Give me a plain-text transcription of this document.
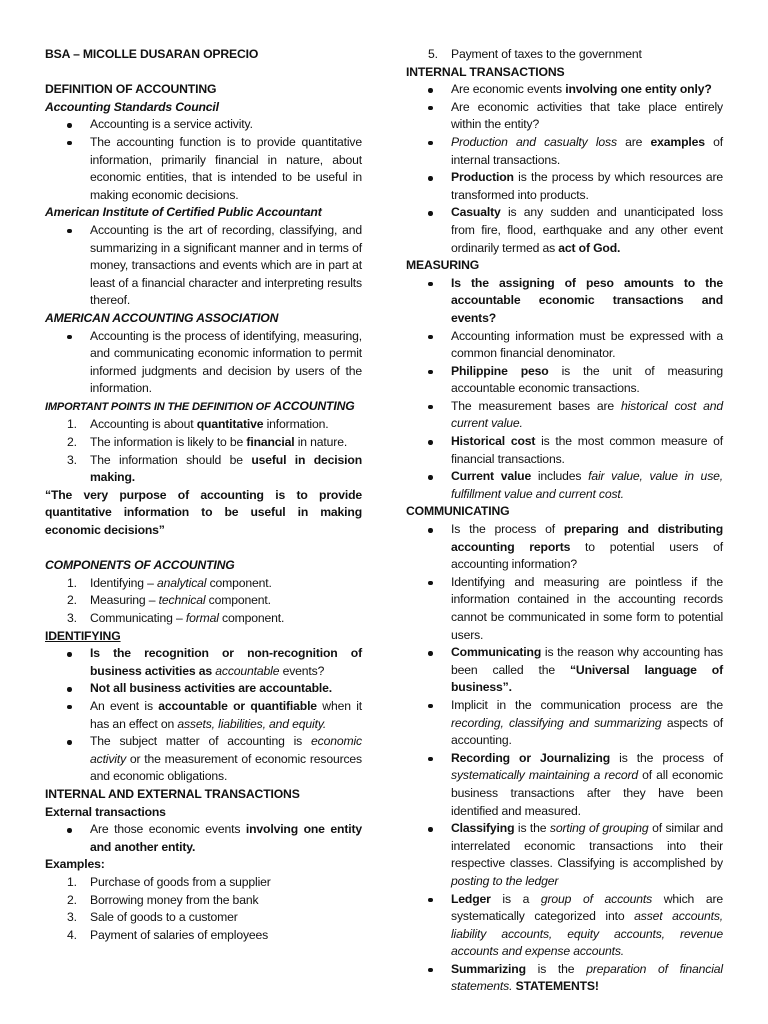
BSA – MICOLLE DUSARAN OPRECIO

DEFINITION OF ACCOUNTING

Accounting Standards Council

Accounting is a service activity.
The accounting function is to provide quantitative information, primarily financial in nature, about economic entities, that is intended to be useful in making economic decisions.

American Institute of Certified Public Accountant

Accounting is the art of recording, classifying, and summarizing in a significant manner and in terms of money, transactions and events which are in part at least of a financial character and interpreting results thereof.

AMERICAN ACCOUNTING ASSOCIATION

Accounting is the process of identifying, measuring, and communicating economic information to permit informed judgments and decision by users of the information.

IMPORTANT POINTS IN THE DEFINITION OF ACCOUNTING

1. Accounting is about quantitative information.
2. The information is likely to be financial in nature.
3. The information should be useful in decision making.

“The very purpose of accounting is to provide quantitative information to be useful in making economic decisions”

COMPONENTS OF ACCOUNTING

1. Identifying – analytical component.
2. Measuring – technical component.
3. Communicating – formal component.

IDENTIFYING

Is the recognition or non-recognition of business activities as accountable events?
Not all business activities are accountable.
An event is accountable or quantifiable when it has an effect on assets, liabilities, and equity.
The subject matter of accounting is economic activity or the measurement of economic resources and economic obligations.

INTERNAL AND EXTERNAL TRANSACTIONS

External transactions

Are those economic events involving one entity and another entity.

Examples:

1. Purchase of goods from a supplier
2. Borrowing money from the bank
3. Sale of goods to a customer
4. Payment of salaries of employees
5. Payment of taxes to the government

INTERNAL TRANSACTIONS

Are economic events involving one entity only?
Are economic activities that take place entirely within the entity?
Production and casualty loss are examples of internal transactions.
Production is the process by which resources are transformed into products.
Casualty is any sudden and unanticipated loss from fire, flood, earthquake and any other event ordinarily termed as act of God.

MEASURING

Is the assigning of peso amounts to the accountable economic transactions and events?
Accounting information must be expressed with a common financial denominator.
Philippine peso is the unit of measuring accountable economic transactions.
The measurement bases are historical cost and current value.
Historical cost is the most common measure of financial transactions.
Current value includes fair value, value in use, fulfillment value and current cost.

COMMUNICATING

Is the process of preparing and distributing accounting reports to potential users of accounting information?
Identifying and measuring are pointless if the information contained in the accounting records cannot be communicated in some form to potential users.
Communicating is the reason why accounting has been called the “Universal language of business”.
Implicit in the communication process are the recording, classifying and summarizing aspects of accounting.
Recording or Journalizing is the process of systematically maintaining a record of all economic business transactions after they have been identified and measured.
Classifying is the sorting of grouping of similar and interrelated economic transactions into their respective classes. Classifying is accomplished by posting to the ledger
Ledger is a group of accounts which are systematically categorized into asset accounts, liability accounts, equity accounts, revenue accounts and expense accounts.
Summarizing is the preparation of financial statements. STATEMENTS!
